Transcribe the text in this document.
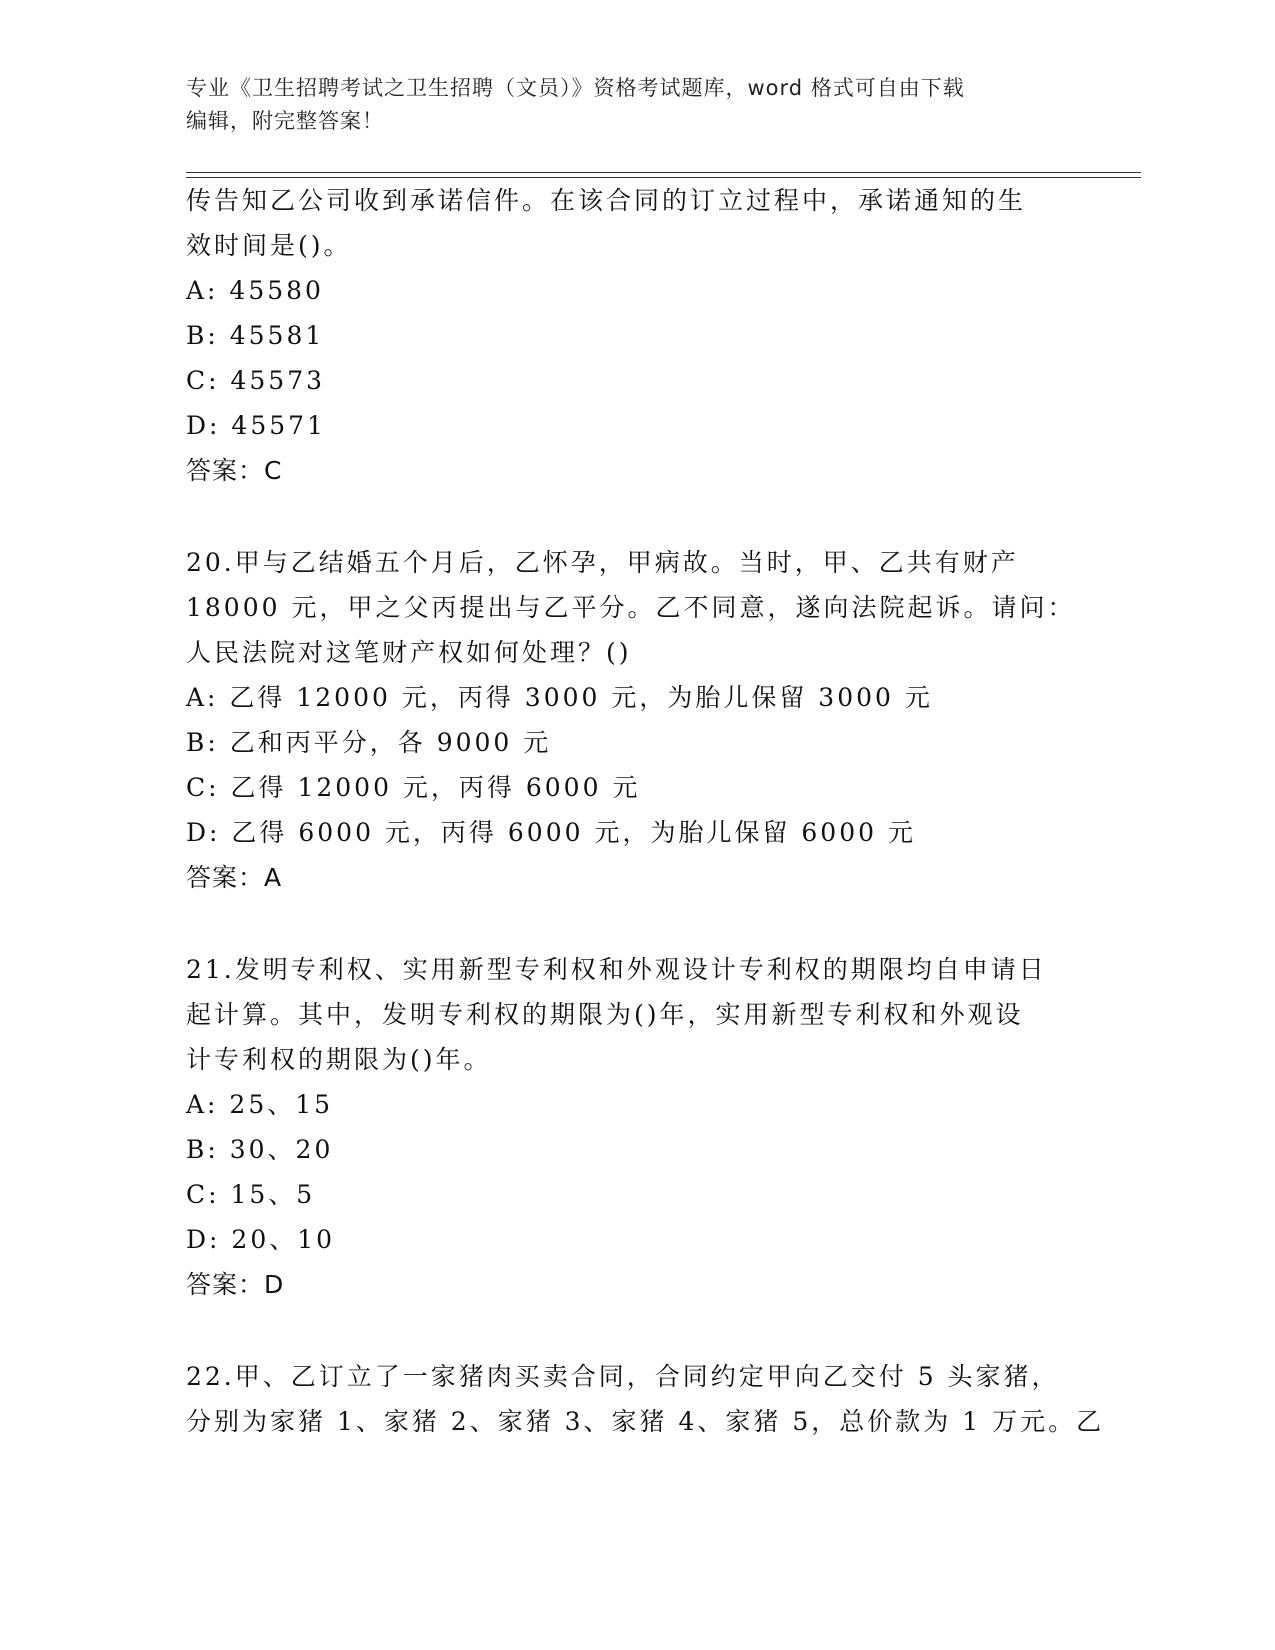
专业《卫生招聘考试之卫生招聘（文员）》资格考试题库，word 格式可自由下载
编辑，附完整答案！
传告知乙公司收到承诺信件。在该合同的订立过程中，承诺通知的生
效时间是()。
A: 45580
B: 45581
C: 45573
D: 45571
答案：C
20.甲与乙结婚五个月后，乙怀孕，甲病故。当时，甲、乙共有财产
18000 元，甲之父丙提出与乙平分。乙不同意，遂向法院起诉。请问：
人民法院对这笔财产权如何处理？()
A: 乙得 12000 元，丙得 3000 元，为胎儿保留 3000 元
B: 乙和丙平分，各 9000 元
C: 乙得 12000 元，丙得 6000 元
D: 乙得 6000 元，丙得 6000 元，为胎儿保留 6000 元
答案：A
21.发明专利权、实用新型专利权和外观设计专利权的期限均自申请日
起计算。其中，发明专利权的期限为()年，实用新型专利权和外观设
计专利权的期限为()年。
A: 25、15
B: 30、20
C: 15、5
D: 20、10
答案：D
22.甲、乙订立了一家猪肉买卖合同，合同约定甲向乙交付 5 头家猪，
分别为家猪 1、家猪 2、家猪 3、家猪 4、家猪 5，总价款为 1 万元。乙
